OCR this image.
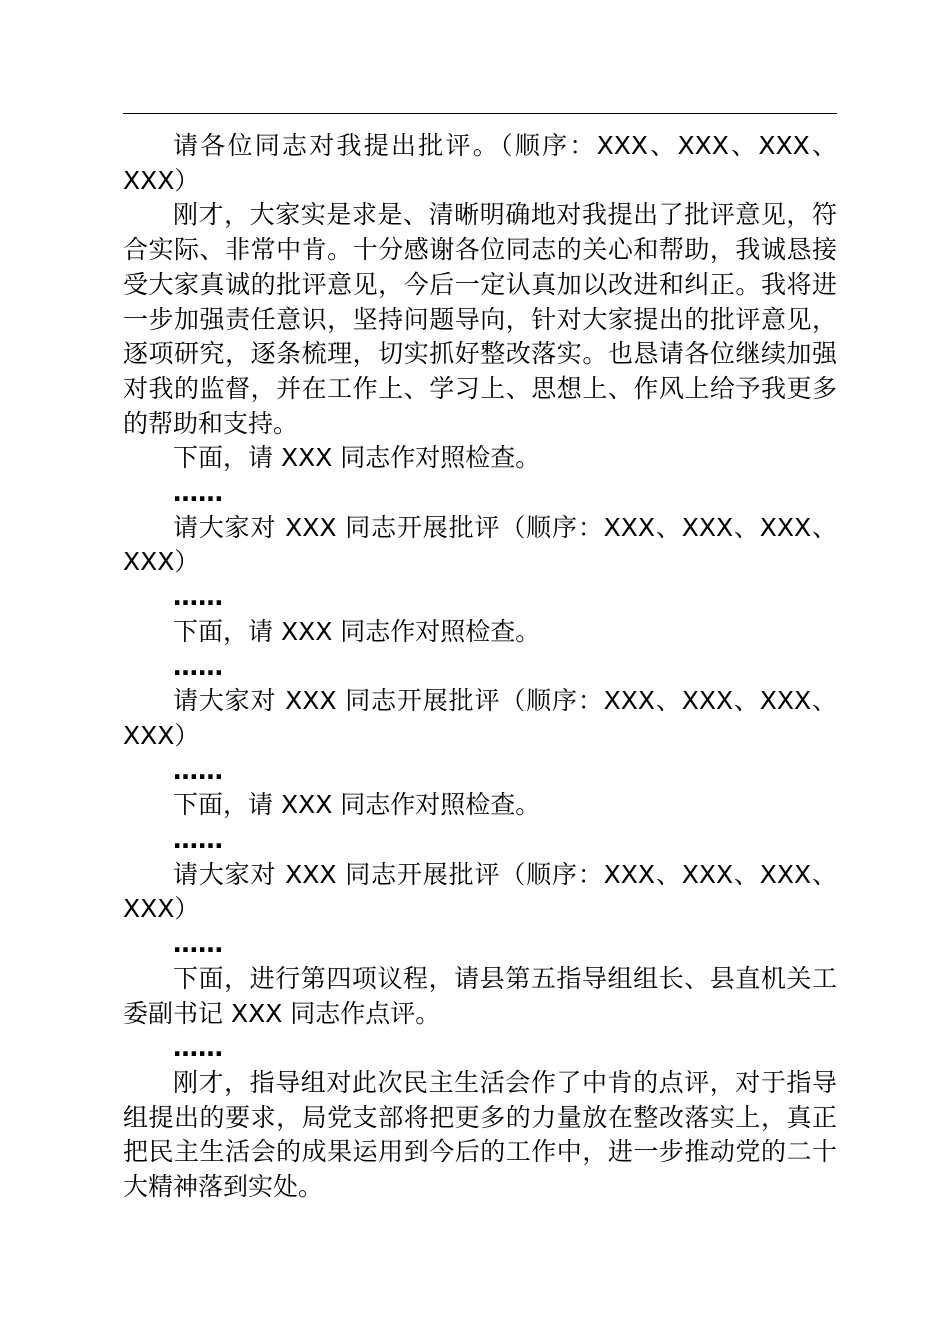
请各位同志对我提出批评。（顺序：XXX、XXX、XXX、XXX）

刚才，大家实是求是、清晰明确地对我提出了批评意见，符合实际、非常中肯。十分感谢各位同志的关心和帮助，我诚恳接受大家真诚的批评意见，今后一定认真加以改进和纠正。我将进一步加强责任意识，坚持问题导向，针对大家提出的批评意见，逐项研究，逐条梳理，切实抓好整改落实。也恳请各位继续加强对我的监督，并在工作上、学习上、思想上、作风上给予我更多的帮助和支持。

下面，请 XXX 同志作对照检查。

……

请大家对 XXX 同志开展批评（顺序：XXX、XXX、XXX、XXX）

……

下面，请 XXX 同志作对照检查。

……

请大家对 XXX 同志开展批评（顺序：XXX、XXX、XXX、XXX）

……

下面，请 XXX 同志作对照检查。

……

请大家对 XXX 同志开展批评（顺序：XXX、XXX、XXX、XXX）

……

下面，进行第四项议程，请县第五指导组组长、县直机关工委副书记 XXX 同志作点评。

……

刚才，指导组对此次民主生活会作了中肯的点评，对于指导组提出的要求，局党支部将把更多的力量放在整改落实上，真正把民主生活会的成果运用到今后的工作中，进一步推动党的二十大精神落到实处。
